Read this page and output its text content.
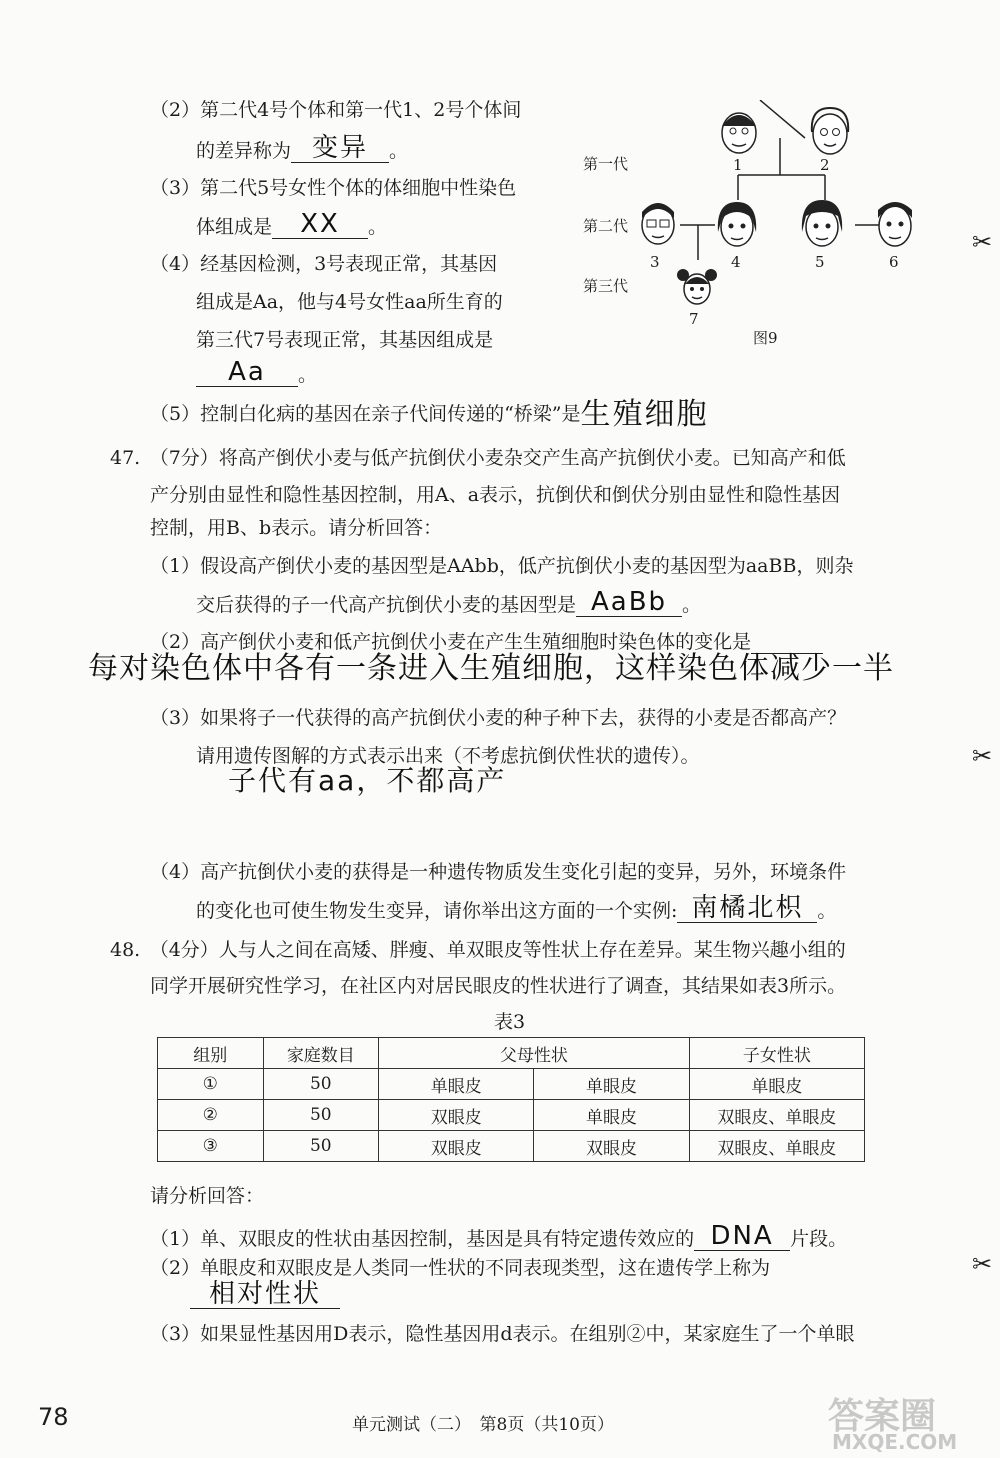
（2）第二代4号个体和第一代1、2号个体间
的差异称为 变异 。
（3）第二代5号女性个体的体细胞中性染色
体组成是 XX 。
（4）经基因检测，3号表现正常，其基因
组成是Aa，他与4号女性aa所生育的
第三代7号表现正常，其基因组成是
Aa 。
（5）控制白化病的基因在亲子代间传递的“桥梁”是生殖细胞
第一代
第二代
第三代
1	2
3	4	5	6
7
图9
47.　（7分）将高产倒伏小麦与低产抗倒伏小麦杂交产生高产抗倒伏小麦。已知高产和低
产分别由显性和隐性基因控制，用A、a表示，抗倒伏和倒伏分别由显性和隐性基因
控制，用B、b表示。请分析回答：
（1）假设高产倒伏小麦的基因型是AAbb，低产抗倒伏小麦的基因型为aaBB，则杂
交后获得的子一代高产抗倒伏小麦的基因型是 AaBb 。
（2）高产倒伏小麦和低产抗倒伏小麦在产生生殖细胞时染色体的变化是
每对染色体中各有一条进入生殖细胞，这样染色体减少一半
（3）如果将子一代获得的高产抗倒伏小麦的种子种下去，获得的小麦是否都高产？
请用遗传图解的方式表示出来（不考虑抗倒伏性状的遗传）。
子代有aa，不都高产
（4）高产抗倒伏小麦的获得是一种遗传物质发生变化引起的变异，另外，环境条件
的变化也可使生物发生变异，请你举出这方面的一个实例: 南橘北枳 。
48.　（4分）人与人之间在高矮、胖瘦、单双眼皮等性状上存在差异。某生物兴趣小组的
同学开展研究性学习，在社区内对居民眼皮的性状进行了调查，其结果如表3所示。
表3
组别	家庭数目	父母性状		子女性状
①	50	单眼皮	单眼皮	单眼皮
②	50	双眼皮	单眼皮	双眼皮、单眼皮
③	50	双眼皮	双眼皮	双眼皮、单眼皮
请分析回答：
（1）单、双眼皮的性状由基因控制，基因是具有特定遗传效应的 DNA 片段。
（2）单眼皮和双眼皮是人类同一性状的不同表现类型，这在遗传学上称为
相对性状
（3）如果显性基因用D表示，隐性基因用d表示。在组别②中，某家庭生了一个单眼
✂
✂
✂
78	单元测试（二）　第8页（共10页）	答案圈
MXQE.COM
